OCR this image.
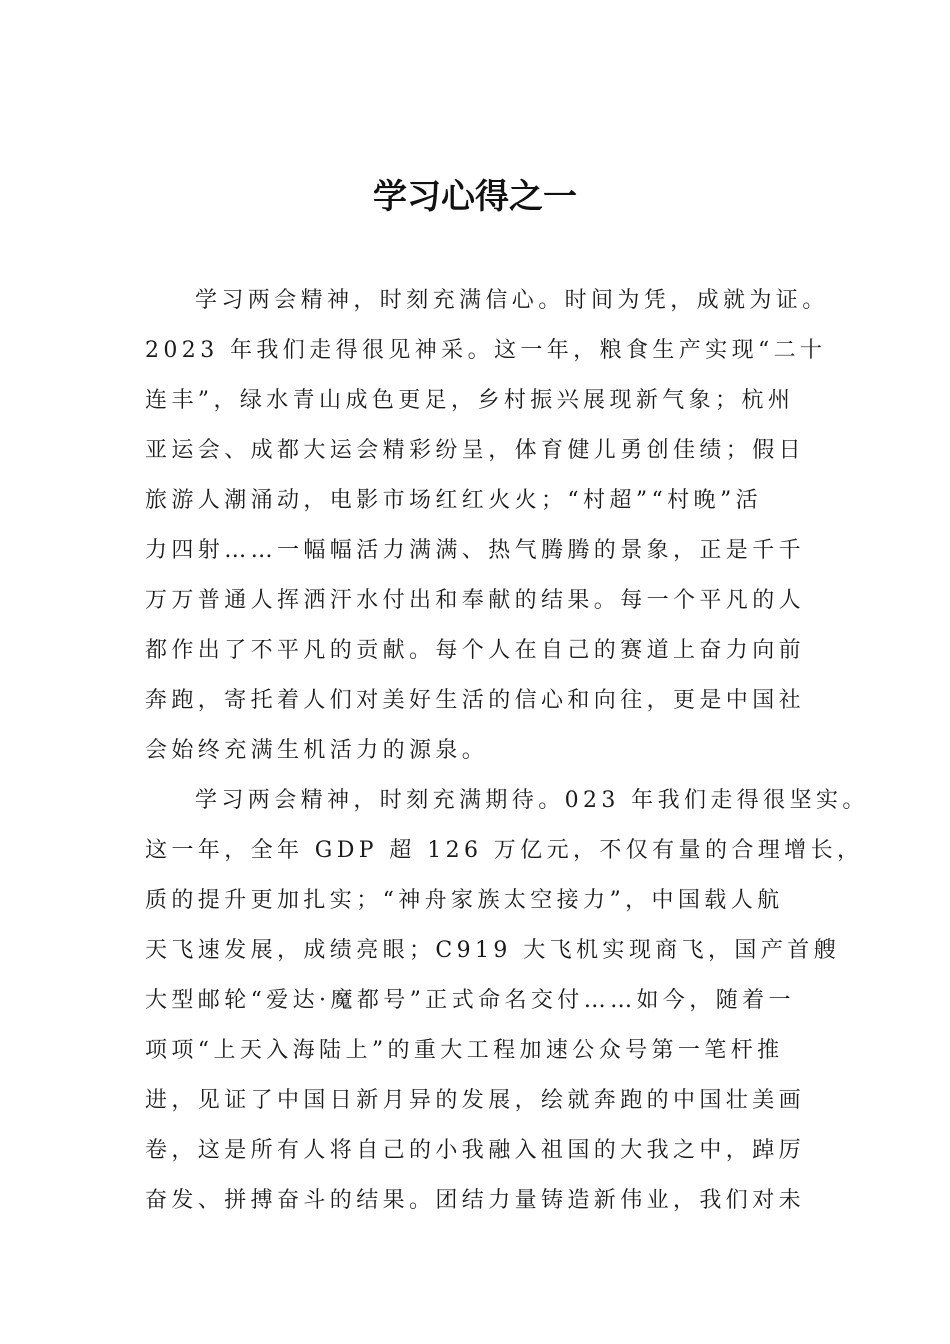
学习心得之一

学习两会精神，时刻充满信心。时间为凭，成就为证。

2023 年我们走得很见神采。这一年，粮食生产实现“二十

连丰”，绿水青山成色更足，乡村振兴展现新气象；杭州

亚运会、成都大运会精彩纷呈，体育健儿勇创佳绩；假日

旅游人潮涌动，电影市场红红火火；“村超”“村晚”活

力四射……一幅幅活力满满、热气腾腾的景象，正是千千

万万普通人挥洒汗水付出和奉献的结果。每一个平凡的人

都作出了不平凡的贡献。每个人在自己的赛道上奋力向前

奔跑，寄托着人们对美好生活的信心和向往，更是中国社

会始终充满生机活力的源泉。

学习两会精神，时刻充满期待。023 年我们走得很坚实。

这一年，全年 GDP 超 126 万亿元，不仅有量的合理增长，

质的提升更加扎实；“神舟家族太空接力”，中国载人航

天飞速发展，成绩亮眼；C919 大飞机实现商飞，国产首艘

大型邮轮“爱达·魔都号”正式命名交付……如今，随着一

项项“上天入海陆上”的重大工程加速公众号第一笔杆推

进，见证了中国日新月异的发展，绘就奔跑的中国壮美画

卷，这是所有人将自己的小我融入祖国的大我之中，踔厉

奋发、拼搏奋斗的结果。团结力量铸造新伟业，我们对未
